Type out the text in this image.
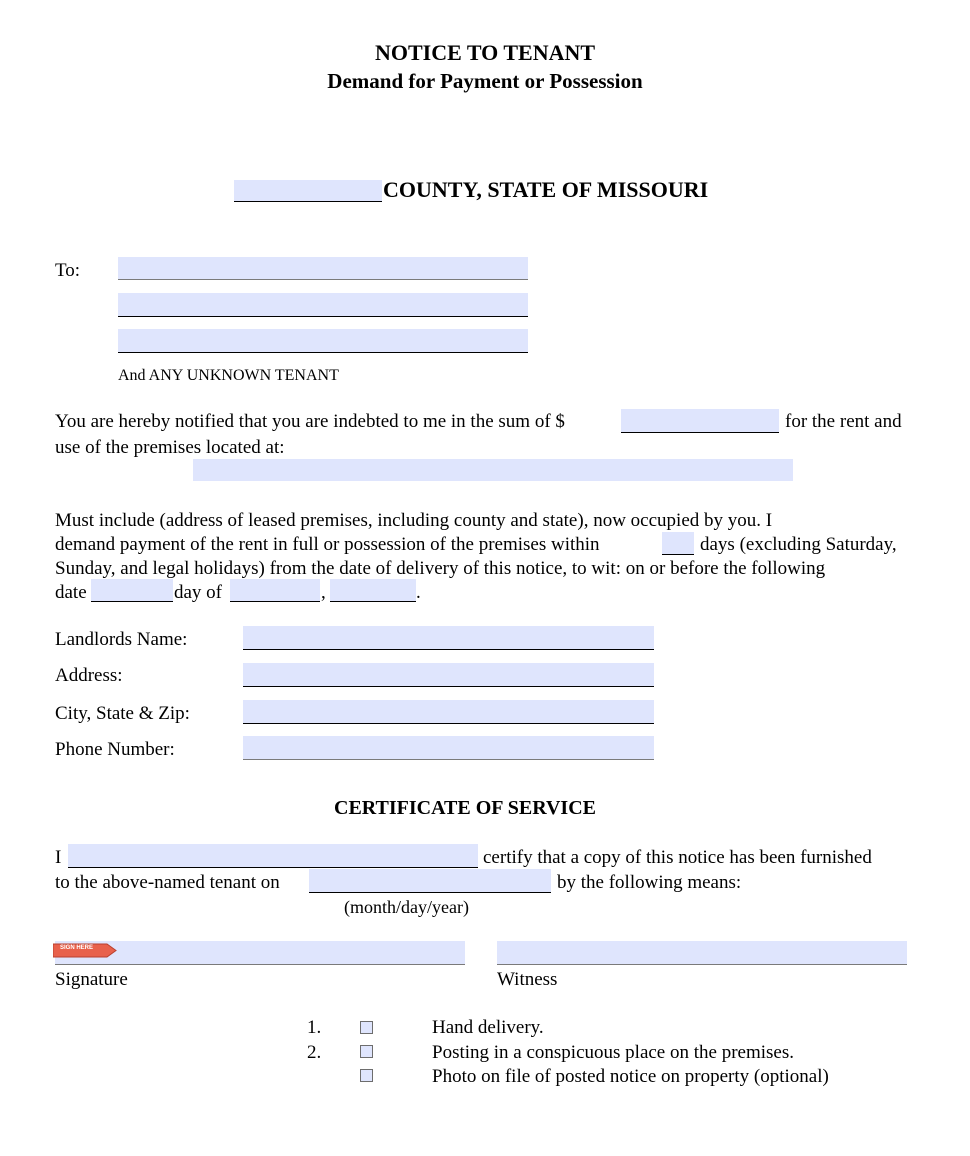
NOTICE TO TENANT
Demand for Payment or Possession
COUNTY, STATE OF MISSOURI
To:
And ANY UNKNOWN TENANT
You are hereby notified that you are indebted to me in the sum of $	for the rent and
use of the premises located at:
Must include (address of leased premises, including county and state), now occupied by you. I
demand payment of the rent in full or possession of the premises within	days (excluding Saturday,
Sunday, and legal holidays) from the date of delivery of this notice, to wit: on or before the following
date	day of	,	.
Landlords Name:
Address:
City, State & Zip:
Phone Number:
CERTIFICATE OF SERVICE
I	certify that a copy of this notice has been furnished
to the above-named tenant on	by the following means:
(month/day/year)
SIGN HERE
Signature	Witness
1.	Hand delivery.
2.	Posting in a conspicuous place on the premises.
Photo on file of posted notice on property (optional)
